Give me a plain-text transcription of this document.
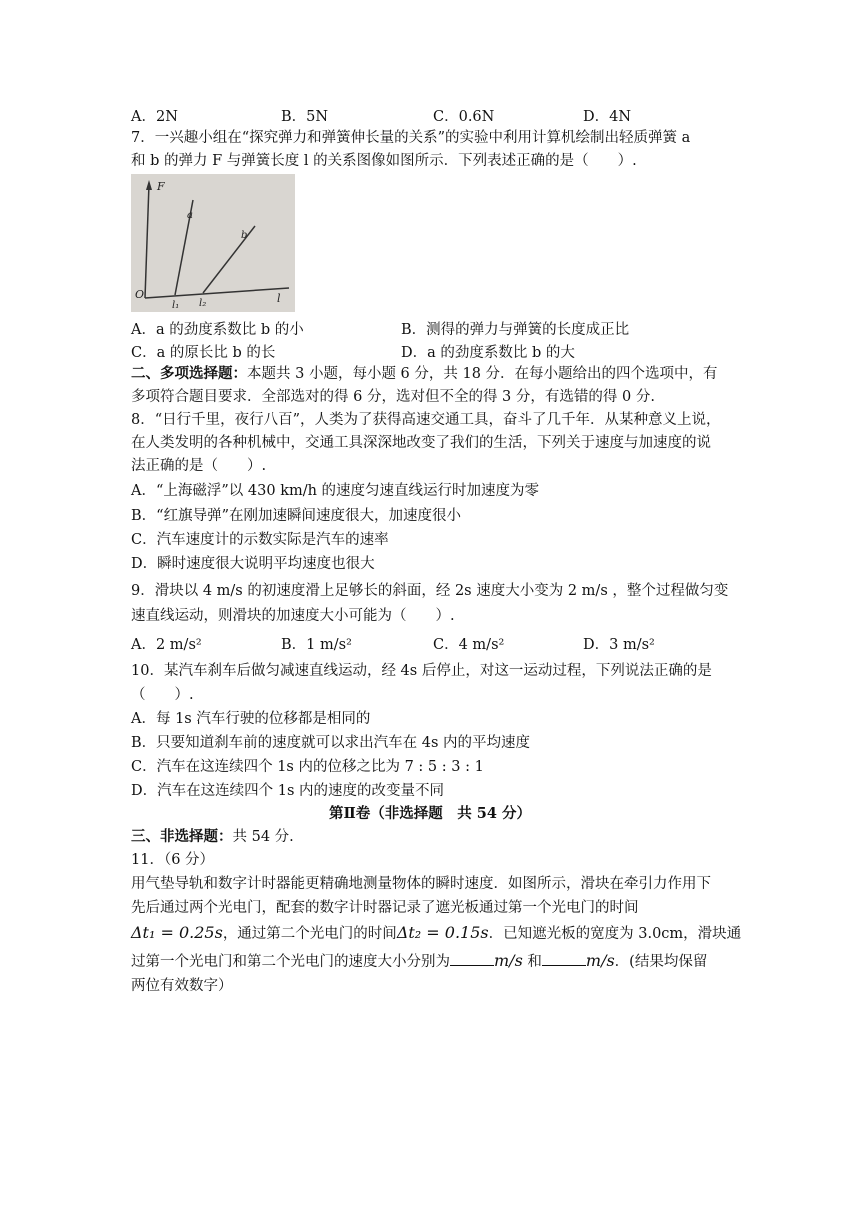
A．2N	B．5N	C．0.6N	D．4N
7．一兴趣小组在“探究弹力和弹簧伸长量的关系”的实验中利用计算机绘制出轻质弹簧 a
和 b 的弹力 F 与弹簧长度 l 的关系图像如图所示．下列表述正确的是（　　）.
F
O
l₁ l₂	l
a
b
A．a 的劲度系数比 b 的小	B．测得的弹力与弹簧的长度成正比
C．a 的原长比 b 的长	D．a 的劲度系数比 b 的大
二、多项选择题：本题共 3 小题，每小题 6 分，共 18 分．在每小题给出的四个选项中，有
多项符合题目要求．全部选对的得 6 分，选对但不全的得 3 分，有选错的得 0 分.
8．“日行千里，夜行八百”，人类为了获得高速交通工具，奋斗了几千年．从某种意义上说，
在人类发明的各种机械中，交通工具深深地改变了我们的生活，下列关于速度与加速度的说
法正确的是（　　）.
A．“上海磁浮”以 430 km/h 的速度匀速直线运行时加速度为零
B．“红旗导弹”在刚加速瞬间速度很大，加速度很小
C．汽车速度计的示数实际是汽车的速率
D．瞬时速度很大说明平均速度也很大
9．滑块以 4 m/s 的初速度滑上足够长的斜面，经 2s 速度大小变为 2 m/s ，整个过程做匀变
速直线运动，则滑块的加速度大小可能为（　　）.
A．2 m/s²	B．1 m/s²	C．4 m/s²	D．3 m/s²
10．某汽车刹车后做匀减速直线运动，经 4s 后停止，对这一运动过程，下列说法正确的是
（　　）.
A．每 1s 汽车行驶的位移都是相同的
B．只要知道刹车前的速度就可以求出汽车在 4s 内的平均速度
C．汽车在这连续四个 1s 内的位移之比为 7 : 5 : 3 : 1
D．汽车在这连续四个 1s 内的速度的改变量不同
第Ⅱ卷（非选择题　共 54 分）
三、非选择题：共 54 分.
11．（6 分）
用气垫导轨和数字计时器能更精确地测量物体的瞬时速度．如图所示，滑块在牵引力作用下
先后通过两个光电门，配套的数字计时器记录了遮光板通过第一个光电门的时间
Δt₁ = 0.25s，通过第二个光电门的时间Δt₂ = 0.15s．已知遮光板的宽度为 3.0cm，滑块通
过第一个光电门和第二个光电门的速度大小分别为	m/s 和	m/s．(结果均保留
两位有效数字）
